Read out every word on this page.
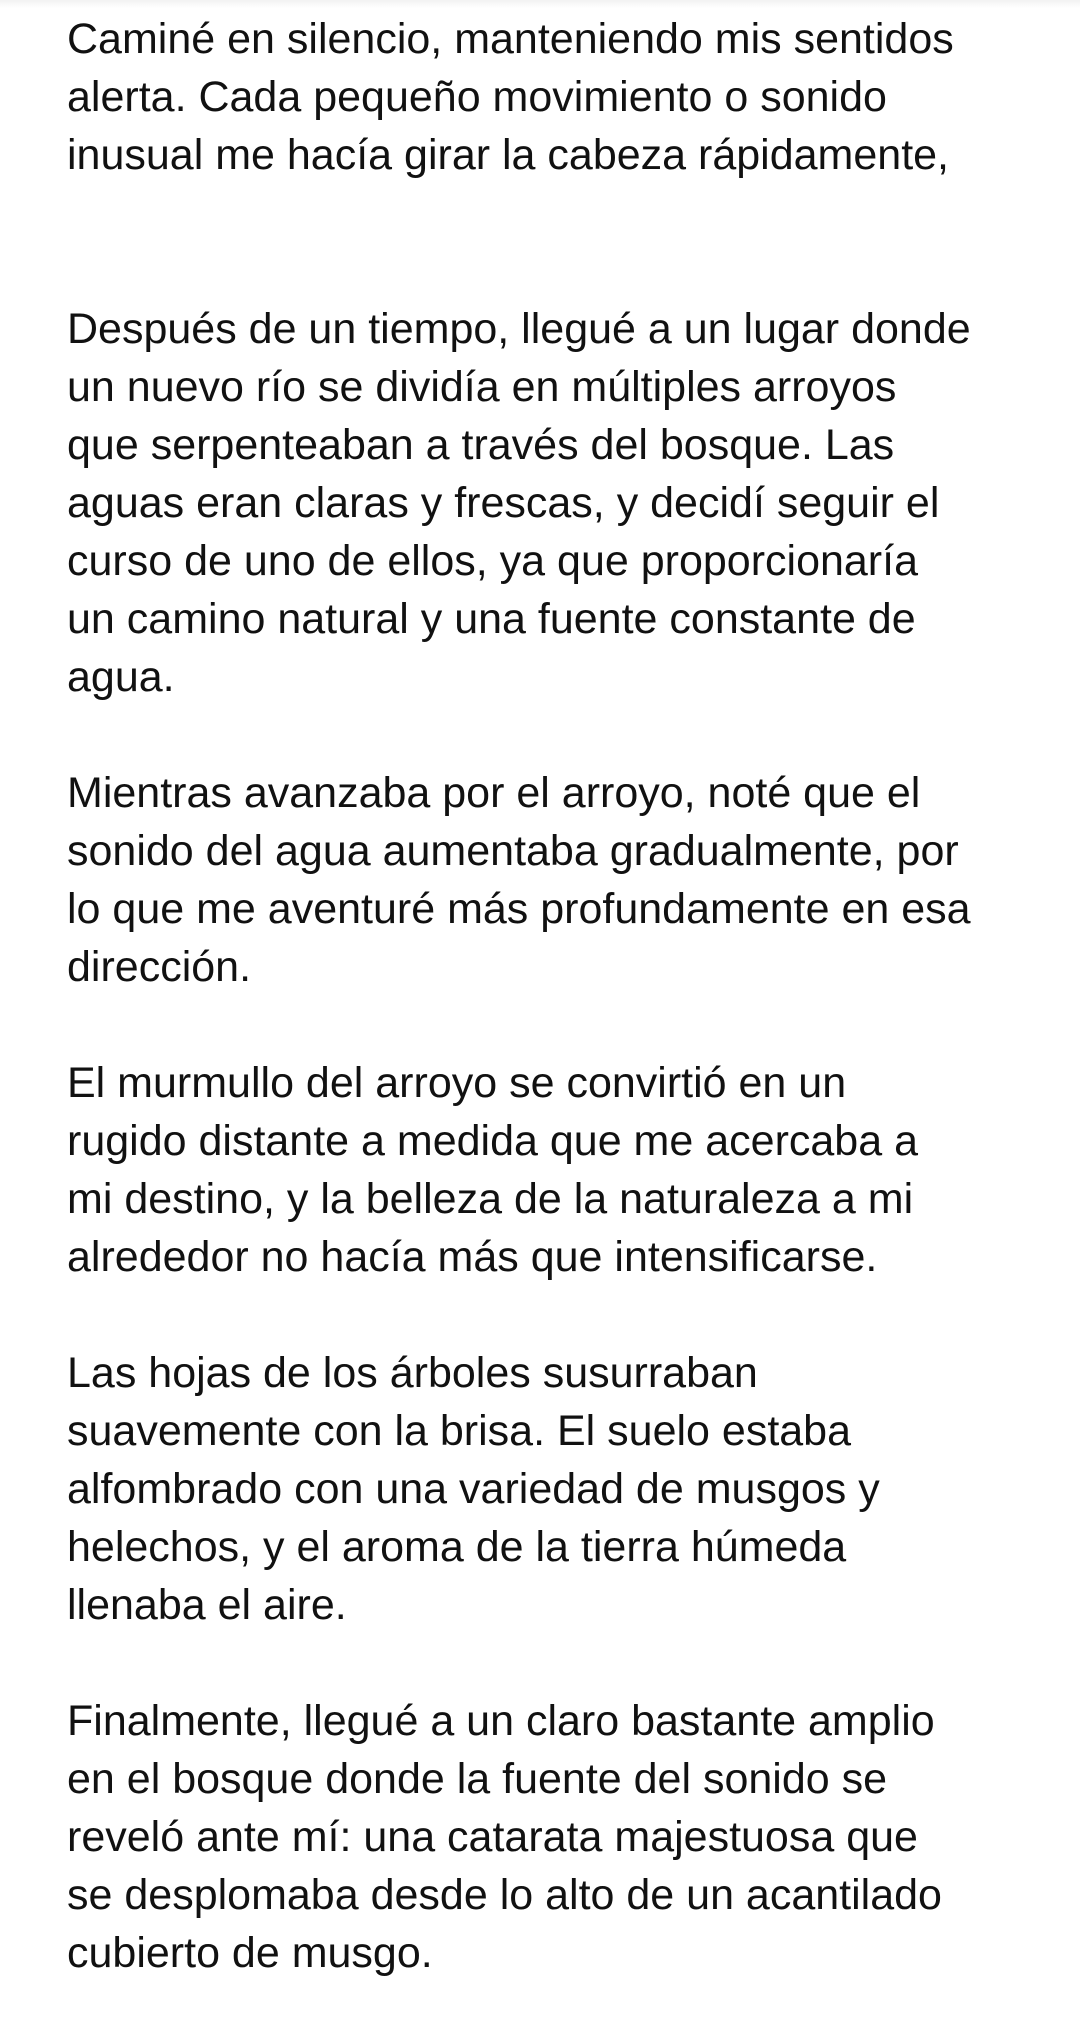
Caminé en silencio, manteniendo mis sentidos
alerta. Cada pequeño movimiento o sonido
inusual me hacía girar la cabeza rápidamente,
Después de un tiempo, llegué a un lugar donde
un nuevo río se dividía en múltiples arroyos
que serpenteaban a través del bosque. Las
aguas eran claras y frescas, y decidí seguir el
curso de uno de ellos, ya que proporcionaría
un camino natural y una fuente constante de
agua.
Mientras avanzaba por el arroyo, noté que el
sonido del agua aumentaba gradualmente, por
lo que me aventuré más profundamente en esa
dirección.
El murmullo del arroyo se convirtió en un
rugido distante a medida que me acercaba a
mi destino, y la belleza de la naturaleza a mi
alrededor no hacía más que intensificarse.
Las hojas de los árboles susurraban
suavemente con la brisa. El suelo estaba
alfombrado con una variedad de musgos y
helechos, y el aroma de la tierra húmeda
llenaba el aire.
Finalmente, llegué a un claro bastante amplio
en el bosque donde la fuente del sonido se
reveló ante mí: una catarata majestuosa que
se desplomaba desde lo alto de un acantilado
cubierto de musgo.
